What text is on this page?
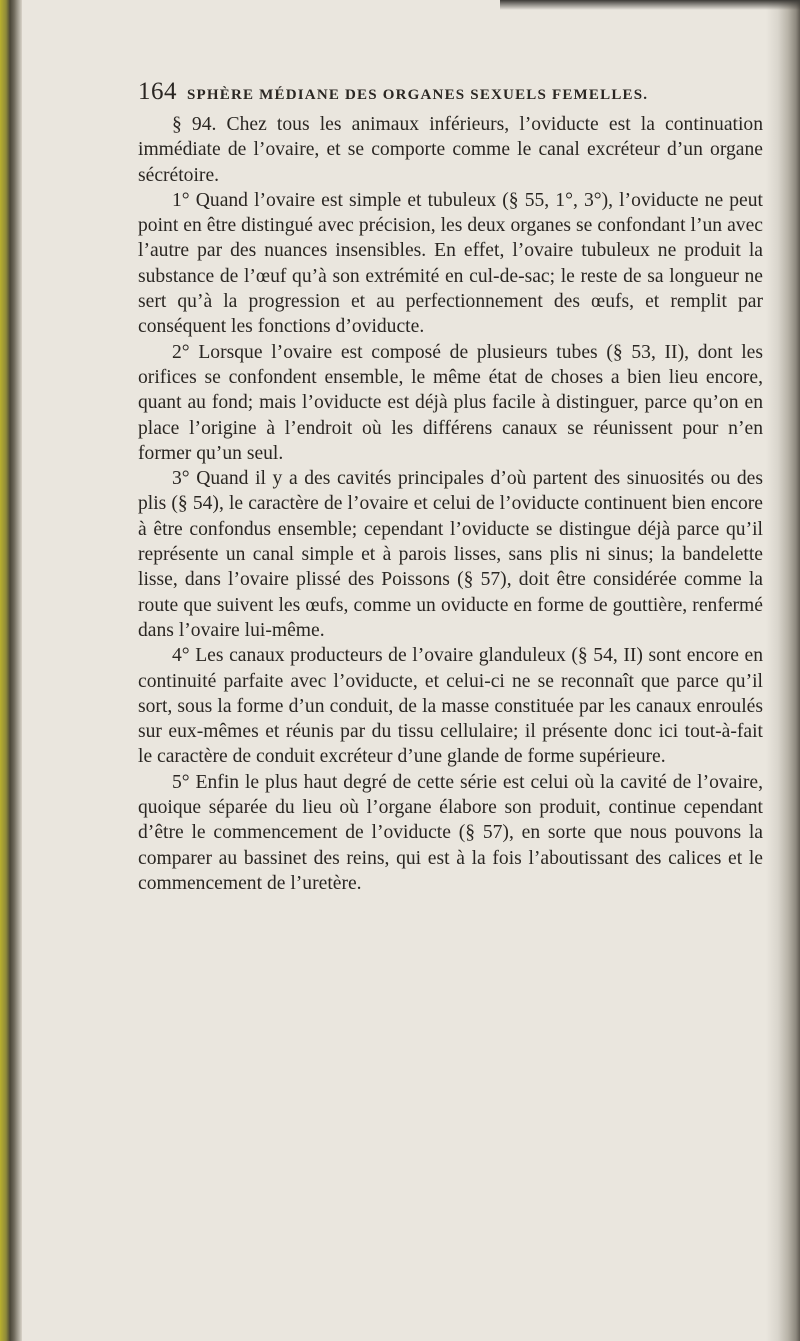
164 SPHÈRE MÉDIANE DES ORGANES SEXUELS FEMELLES.

§ 94. Chez tous les animaux inférieurs, l’oviducte est la continuation immédiate de l’ovaire, et se comporte comme le canal excréteur d’un organe sécrétoire.

1° Quand l’ovaire est simple et tubuleux (§ 55, 1°, 3°), l’oviducte ne peut point en être distingué avec précision, les deux organes se confondant l’un avec l’autre par des nuances insensibles. En effet, l’ovaire tubuleux ne produit la substance de l’œuf qu’à son extrémité en cul-de-sac; le reste de sa longueur ne sert qu’à la progression et au perfectionnement des œufs, et remplit par conséquent les fonctions d’oviducte.

2° Lorsque l’ovaire est composé de plusieurs tubes (§ 53, II), dont les orifices se confondent ensemble, le même état de choses a bien lieu encore, quant au fond; mais l’oviducte est déjà plus facile à distinguer, parce qu’on en place l’origine à l’endroit où les différens canaux se réunissent pour n’en former qu’un seul.

3° Quand il y a des cavités principales d’où partent des sinuosités ou des plis (§ 54), le caractère de l’ovaire et celui de l’oviducte continuent bien encore à être confondus ensemble; cependant l’oviducte se distingue déjà parce qu’il représente un canal simple et à parois lisses, sans plis ni sinus; la bandelette lisse, dans l’ovaire plissé des Poissons (§ 57), doit être considérée comme la route que suivent les œufs, comme un oviducte en forme de gouttière, renfermé dans l’ovaire lui-même.

4° Les canaux producteurs de l’ovaire glanduleux (§ 54, II) sont encore en continuité parfaite avec l’oviducte, et celui-ci ne se reconnaît que parce qu’il sort, sous la forme d’un conduit, de la masse constituée par les canaux enroulés sur eux-mêmes et réunis par du tissu cellulaire; il présente donc ici tout-à-fait le caractère de conduit excréteur d’une glande de forme supérieure.

5° Enfin le plus haut degré de cette série est celui où la cavité de l’ovaire, quoique séparée du lieu où l’organe élabore son produit, continue cependant d’être le commencement de l’oviducte (§ 57), en sorte que nous pouvons la comparer au bassinet des reins, qui est à la fois l’aboutissant des calices et le commencement de l’uretère.
